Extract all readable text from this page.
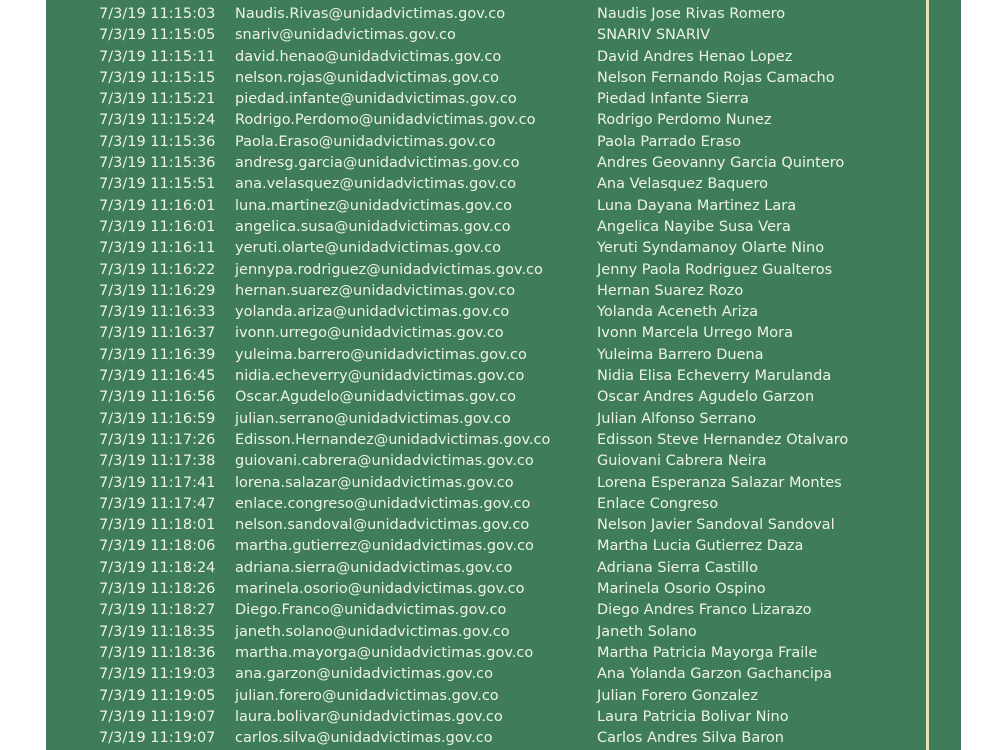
7/3/19 11:15:03 Naudis.Rivas@unidadvictimas.gov.co	Naudis Jose Rivas Romero
7/3/19 11:15:05 snariv@unidadvictimas.gov.co	SNARIV SNARIV
7/3/19 11:15:11 david.henao@unidadvictimas.gov.co	David Andres Henao Lopez
7/3/19 11:15:15 nelson.rojas@unidadvictimas.gov.co	Nelson Fernando Rojas Camacho
7/3/19 11:15:21 piedad.infante@unidadvictimas.gov.co	Piedad Infante Sierra
7/3/19 11:15:24 Rodrigo.Perdomo@unidadvictimas.gov.co	Rodrigo Perdomo Nunez
7/3/19 11:15:36 Paola.Eraso@unidadvictimas.gov.co	Paola Parrado Eraso
7/3/19 11:15:36 andresg.garcia@unidadvictimas.gov.co	Andres Geovanny Garcia Quintero
7/3/19 11:15:51 ana.velasquez@unidadvictimas.gov.co	Ana Velasquez Baquero
7/3/19 11:16:01 luna.martinez@unidadvictimas.gov.co	Luna Dayana Martinez Lara
7/3/19 11:16:01 angelica.susa@unidadvictimas.gov.co	Angelica Nayibe Susa Vera
7/3/19 11:16:11 yeruti.olarte@unidadvictimas.gov.co	Yeruti Syndamanoy Olarte Nino
7/3/19 11:16:22 jennypa.rodriguez@unidadvictimas.gov.co	Jenny Paola Rodriguez Gualteros
7/3/19 11:16:29 hernan.suarez@unidadvictimas.gov.co	Hernan Suarez Rozo
7/3/19 11:16:33 yolanda.ariza@unidadvictimas.gov.co	Yolanda Aceneth Ariza
7/3/19 11:16:37 ivonn.urrego@unidadvictimas.gov.co	Ivonn Marcela Urrego Mora
7/3/19 11:16:39 yuleima.barrero@unidadvictimas.gov.co	Yuleima Barrero Duena
7/3/19 11:16:45 nidia.echeverry@unidadvictimas.gov.co	Nidia Elisa Echeverry Marulanda
7/3/19 11:16:56 Oscar.Agudelo@unidadvictimas.gov.co	Oscar Andres Agudelo Garzon
7/3/19 11:16:59 julian.serrano@unidadvictimas.gov.co	Julian Alfonso Serrano
7/3/19 11:17:26 Edisson.Hernandez@unidadvictimas.gov.co	Edisson Steve Hernandez Otalvaro
7/3/19 11:17:38 guiovani.cabrera@unidadvictimas.gov.co	Guiovani Cabrera Neira
7/3/19 11:17:41 lorena.salazar@unidadvictimas.gov.co	Lorena Esperanza Salazar Montes
7/3/19 11:17:47 enlace.congreso@unidadvictimas.gov.co	Enlace Congreso
7/3/19 11:18:01 nelson.sandoval@unidadvictimas.gov.co	Nelson Javier Sandoval Sandoval
7/3/19 11:18:06 martha.gutierrez@unidadvictimas.gov.co	Martha Lucia Gutierrez Daza
7/3/19 11:18:24 adriana.sierra@unidadvictimas.gov.co	Adriana Sierra Castillo
7/3/19 11:18:26 marinela.osorio@unidadvictimas.gov.co	Marinela Osorio Ospino
7/3/19 11:18:27 Diego.Franco@unidadvictimas.gov.co	Diego Andres Franco Lizarazo
7/3/19 11:18:35 janeth.solano@unidadvictimas.gov.co	Janeth Solano
7/3/19 11:18:36 martha.mayorga@unidadvictimas.gov.co	Martha Patricia Mayorga Fraile
7/3/19 11:19:03 ana.garzon@unidadvictimas.gov.co	Ana Yolanda Garzon Gachancipa
7/3/19 11:19:05 julian.forero@unidadvictimas.gov.co	Julian Forero Gonzalez
7/3/19 11:19:07 laura.bolivar@unidadvictimas.gov.co	Laura Patricia Bolivar Nino
7/3/19 11:19:07 carlos.silva@unidadvictimas.gov.co	Carlos Andres Silva Baron
